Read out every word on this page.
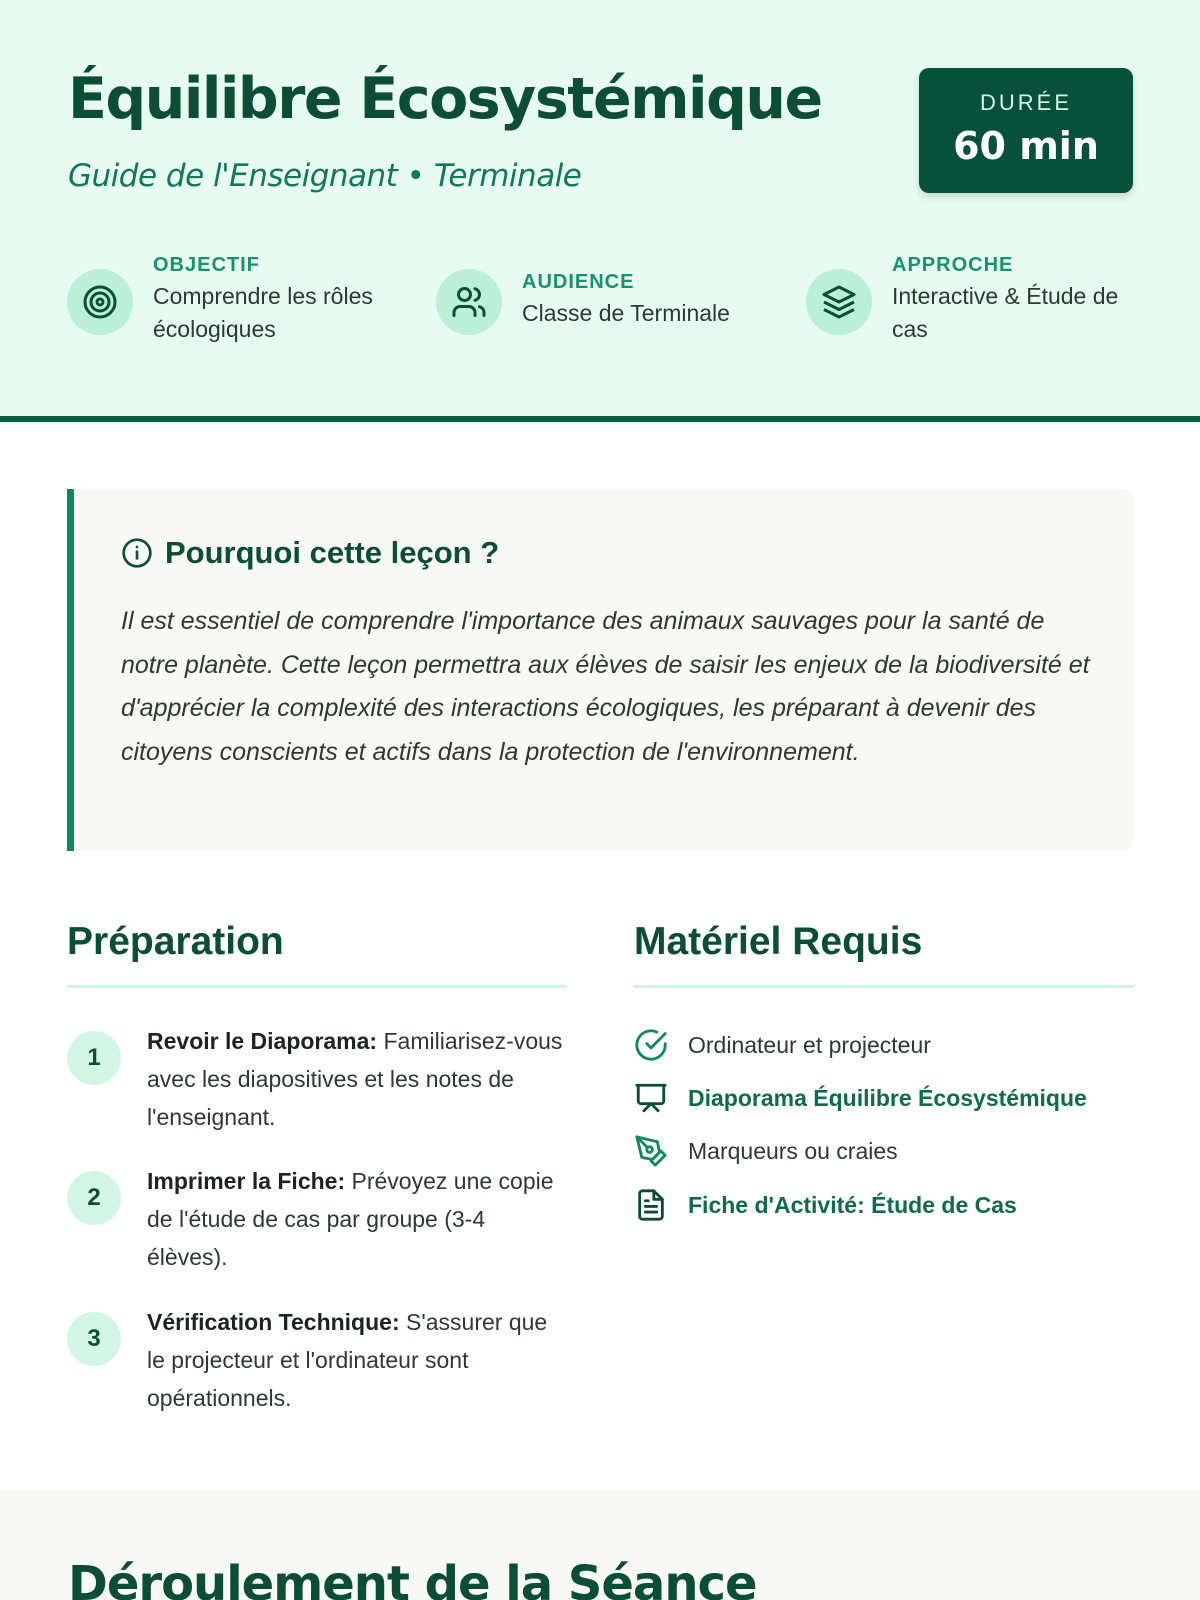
Équilibre Écosystémique
Guide de l'Enseignant • Terminale
DURÉE
60 min
OBJECTIF
Comprendre les rôles écologiques
AUDIENCE
Classe de Terminale
APPROCHE
Interactive & Étude de cas
Pourquoi cette leçon ?

Il est essentiel de comprendre l'importance des animaux sauvages pour la santé de notre planète. Cette leçon permettra aux élèves de saisir les enjeux de la biodiversité et d'apprécier la complexité des interactions écologiques, les préparant à devenir des citoyens conscients et actifs dans la protection de l'environnement.

Préparation
1

Revoir le Diaporama: Familiarisez-vous avec les diapositives et les notes de l'enseignant.

2

Imprimer la Fiche: Prévoyez une copie de l'étude de cas par groupe (3-4 élèves).

3

Vérification Technique: S'assurer que le projecteur et l'ordinateur sont opérationnels.

Matériel Requis
Ordinateur et projecteur
Diaporama Équilibre Écosystémique
Marqueurs ou craies
Fiche d'Activité: Étude de Cas
Déroulement de la Séance
